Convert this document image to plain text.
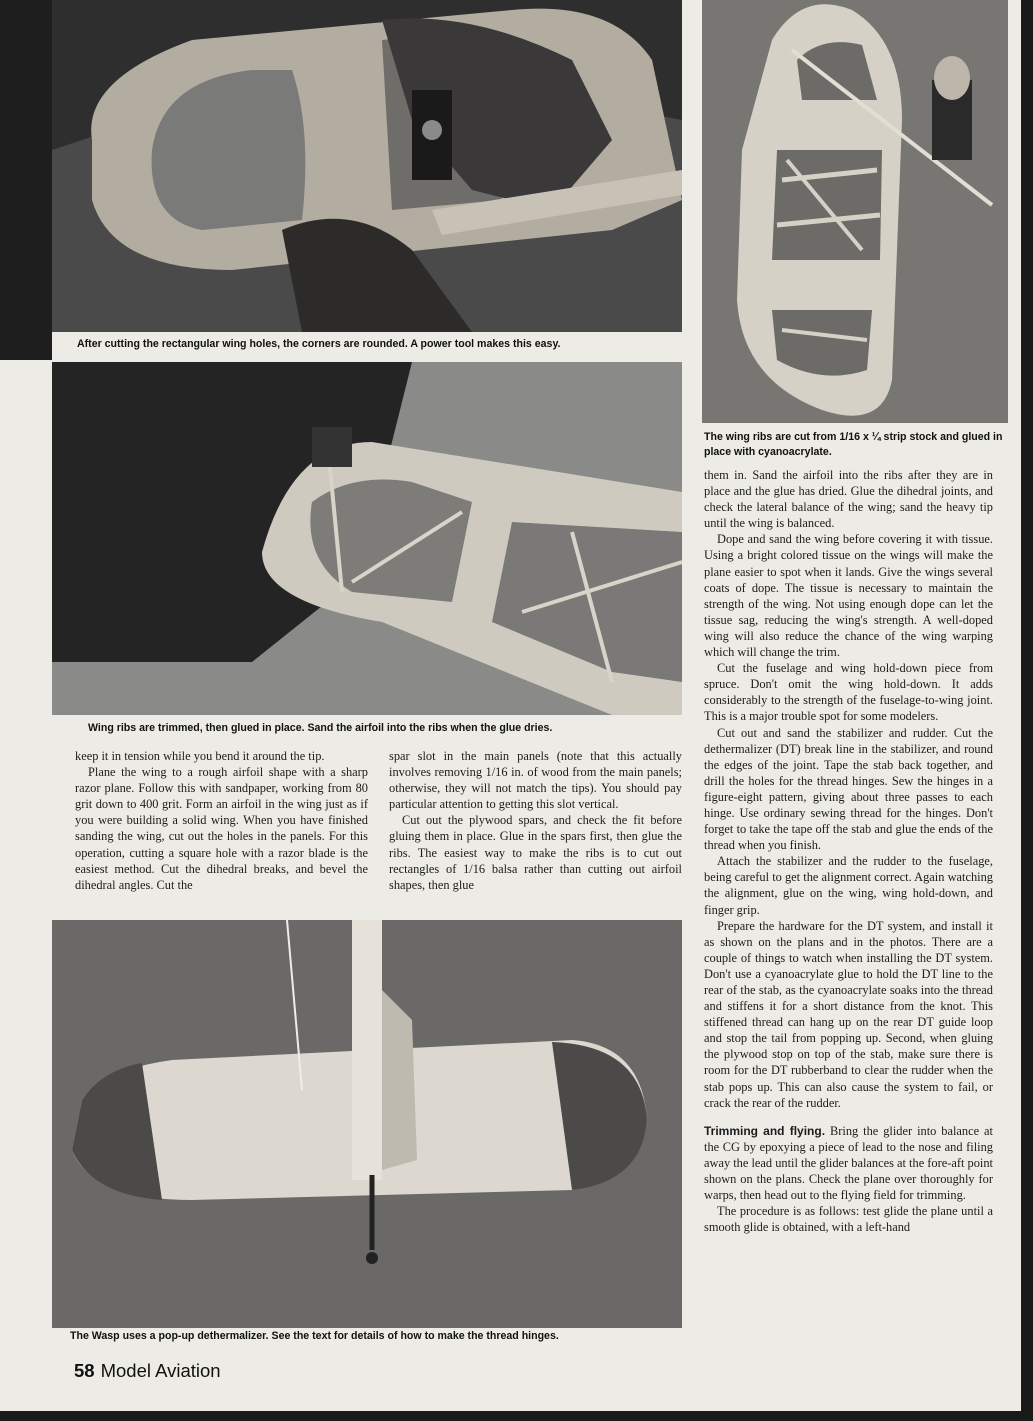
After cutting the rectangular wing holes, the corners are rounded. A power tool makes this easy.
Wing ribs are trimmed, then glued in place. Sand the airfoil into the ribs when the glue dries.
The wing ribs are cut from 1/16 x ¼ strip stock and glued in place with cyanoacrylate.

keep it in tension while you bend it around the tip.

Plane the wing to a rough airfoil shape with a sharp razor plane. Follow this with sandpaper, working from 80 grit down to 400 grit. Form an airfoil in the wing just as if you were building a solid wing. When you have finished sanding the wing, cut out the holes in the panels. For this operation, cutting a square hole with a razor blade is the easiest method. Cut the dihedral breaks, and bevel the dihedral angles. Cut the

spar slot in the main panels (note that this actually involves removing 1/16 in. of wood from the main panels; otherwise, they will not match the tips). You should pay particular attention to getting this slot vertical.

Cut out the plywood spars, and check the fit before gluing them in place. Glue in the spars first, then glue the ribs. The easiest way to make the ribs is to cut out rectangles of 1/16 balsa rather than cutting out airfoil shapes, then glue

The Wasp uses a pop-up dethermalizer. See the text for details of how to make the thread hinges.

them in. Sand the airfoil into the ribs after they are in place and the glue has dried. Glue the dihedral joints, and check the lateral balance of the wing; sand the heavy tip until the wing is balanced.

Dope and sand the wing before covering it with tissue. Using a bright colored tissue on the wings will make the plane easier to spot when it lands. Give the wings several coats of dope. The tissue is necessary to maintain the strength of the wing. Not using enough dope can let the tissue sag, reducing the wing's strength. A well-doped wing will also reduce the chance of the wing warping which will change the trim.

Cut the fuselage and wing hold-down piece from spruce. Don't omit the wing hold-down. It adds considerably to the strength of the fuselage-to-wing joint. This is a major trouble spot for some modelers.

Cut out and sand the stabilizer and rudder. Cut the dethermalizer (DT) break line in the stabilizer, and round the edges of the joint. Tape the stab back together, and drill the holes for the thread hinges. Sew the hinges in a figure-eight pattern, giving about three passes to each hinge. Use ordinary sewing thread for the hinges. Don't forget to take the tape off the stab and glue the ends of the thread when you finish.

Attach the stabilizer and the rudder to the fuselage, being careful to get the alignment correct. Again watching the alignment, glue on the wing, wing hold-down, and finger grip.

Prepare the hardware for the DT system, and install it as shown on the plans and in the photos. There are a couple of things to watch when installing the DT system. Don't use a cyanoacrylate glue to hold the DT line to the rear of the stab, as the cyanoacrylate soaks into the thread and stiffens it for a short distance from the knot. This stiffened thread can hang up on the rear DT guide loop and stop the tail from popping up. Second, when gluing the plywood stop on top of the stab, make sure there is room for the DT rubberband to clear the rudder when the stab pops up. This can also cause the system to fail, or crack the rear of the rudder.

Trimming and flying. Bring the glider into balance at the CG by epoxying a piece of lead to the nose and filing away the lead until the glider balances at the fore-aft point shown on the plans. Check the plane over thoroughly for warps, then head out to the flying field for trimming.

The procedure is as follows: test glide the plane until a smooth glide is obtained, with a left-hand

58 Model Aviation
